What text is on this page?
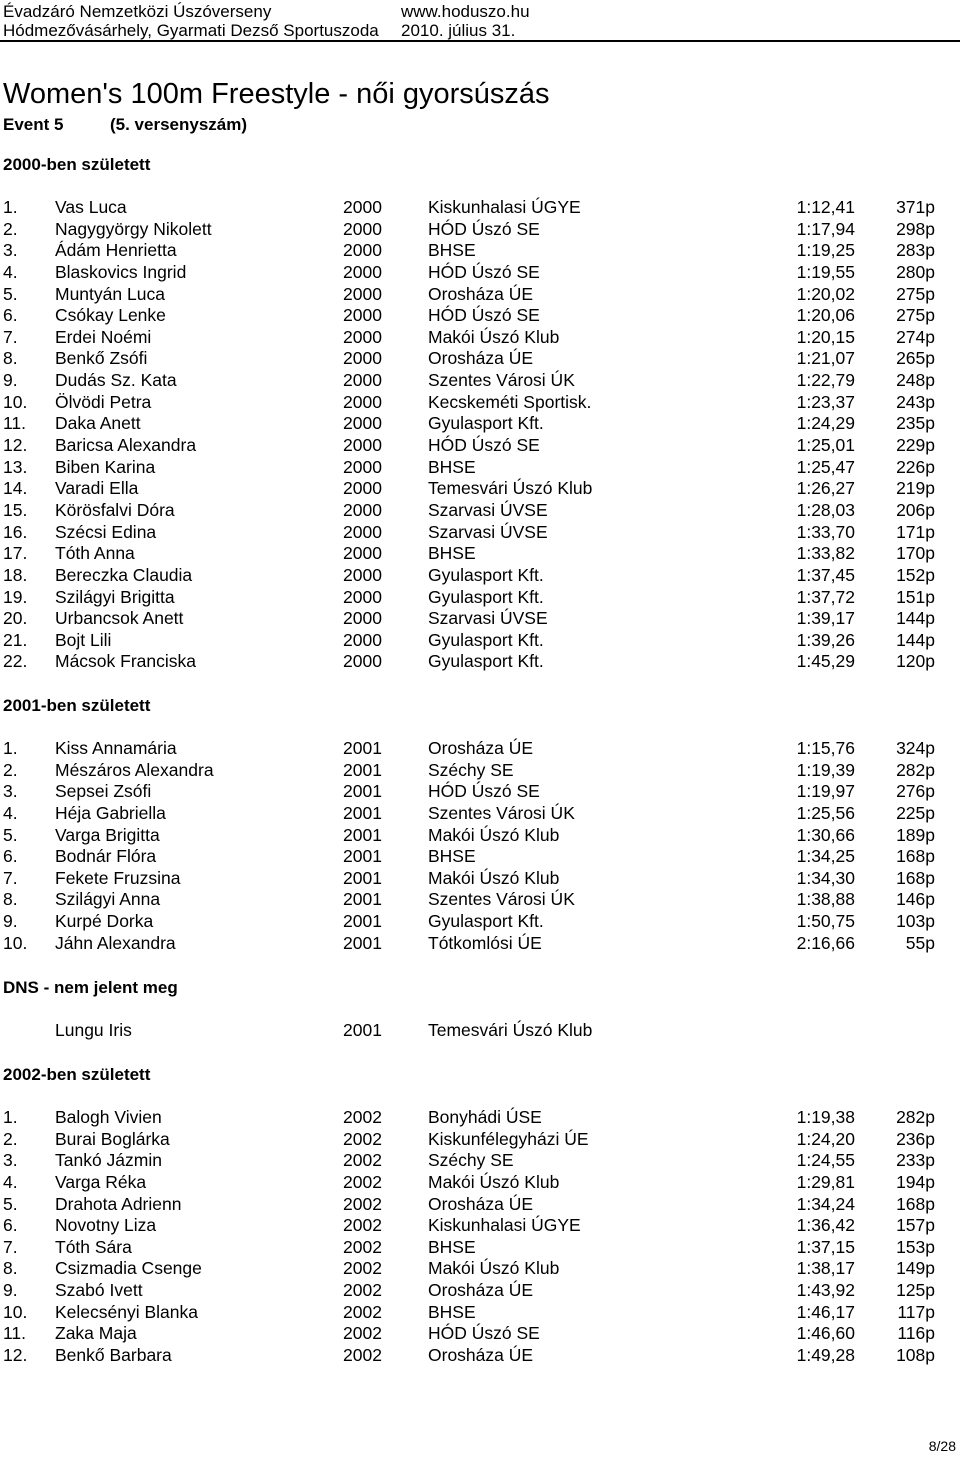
Évadzáró Nemzetközi Úszóverseny	www.hoduszo.hu
Hódmezővásárhely, Gyarmati Dezső Sportuszoda 2010. július 31.
Women's 100m Freestyle - női gyorsúszás
Event 5	(5. versenyszám)
2000-ben született
1. Vas Luca	2000	Kiskunhalasi ÚGYE	1:12,41 371p
2. Nagygyörgy Nikolett	2000	HÓD Úszó SE	1:17,94 298p
3. Ádám Henrietta	2000	BHSE	1:19,25 283p
4. Blaskovics Ingrid	2000	HÓD Úszó SE	1:19,55 280p
5. Muntyán Luca	2000	Orosháza ÚE	1:20,02 275p
6. Csókay Lenke	2000	HÓD Úszó SE	1:20,06 275p
7. Erdei Noémi	2000	Makói Úszó Klub	1:20,15 274p
8. Benkő Zsófi	2000	Orosháza ÚE	1:21,07 265p
9. Dudás Sz. Kata	2000	Szentes Városi ÚK	1:22,79 248p
10. Ölvödi Petra	2000	Kecskeméti Sportisk.	1:23,37 243p
11. Daka Anett	2000	Gyulasport Kft.	1:24,29 235p
12. Baricsa Alexandra	2000	HÓD Úszó SE	1:25,01 229p
13. Biben Karina	2000	BHSE	1:25,47 226p
14. Varadi Ella	2000	Temesvári Úszó Klub	1:26,27 219p
15. Körösfalvi Dóra	2000	Szarvasi ÚVSE	1:28,03 206p
16. Szécsi Edina	2000	Szarvasi ÚVSE	1:33,70 171p
17. Tóth Anna	2000	BHSE	1:33,82 170p
18. Bereczka Claudia	2000	Gyulasport Kft.	1:37,45 152p
19. Szilágyi Brigitta	2000	Gyulasport Kft.	1:37,72 151p
20. Urbancsok Anett	2000	Szarvasi ÚVSE	1:39,17 144p
21. Bojt Lili	2000	Gyulasport Kft.	1:39,26 144p
22. Mácsok Franciska	2000	Gyulasport Kft.	1:45,29 120p
2001-ben született
1. Kiss Annamária	2001	Orosháza ÚE	1:15,76 324p
2. Mészáros Alexandra	2001	Széchy SE	1:19,39 282p
3. Sepsei Zsófi	2001	HÓD Úszó SE	1:19,97 276p
4. Héja Gabriella	2001	Szentes Városi ÚK	1:25,56 225p
5. Varga Brigitta	2001	Makói Úszó Klub	1:30,66 189p
6. Bodnár Flóra	2001	BHSE	1:34,25 168p
7. Fekete Fruzsina	2001	Makói Úszó Klub	1:34,30 168p
8. Szilágyi Anna	2001	Szentes Városi ÚK	1:38,88 146p
9. Kurpé Dorka	2001	Gyulasport Kft.	1:50,75 103p
10. Jáhn Alexandra	2001	Tótkomlósi ÚE	2:16,66	55p
DNS - nem jelent meg
Lungu Iris	2001	Temesvári Úszó Klub
2002-ben született
1. Balogh Vivien	2002	Bonyhádi ÚSE	1:19,38 282p
2. Burai Boglárka	2002	Kiskunfélegyházi ÚE	1:24,20 236p
3. Tankó Jázmin	2002	Széchy SE	1:24,55 233p
4. Varga Réka	2002	Makói Úszó Klub	1:29,81 194p
5. Drahota Adrienn	2002	Orosháza ÚE	1:34,24 168p
6. Novotny Liza	2002	Kiskunhalasi ÚGYE	1:36,42 157p
7. Tóth Sára	2002	BHSE	1:37,15 153p
8. Csizmadia Csenge	2002	Makói Úszó Klub	1:38,17 149p
9. Szabó Ivett	2002	Orosháza ÚE	1:43,92 125p
10. Kelecsényi Blanka	2002	BHSE	1:46,17 117p
11. Zaka Maja	2002	HÓD Úszó SE	1:46,60 116p
12. Benkő Barbara	2002	Orosháza ÚE	1:49,28 108p
8/28
